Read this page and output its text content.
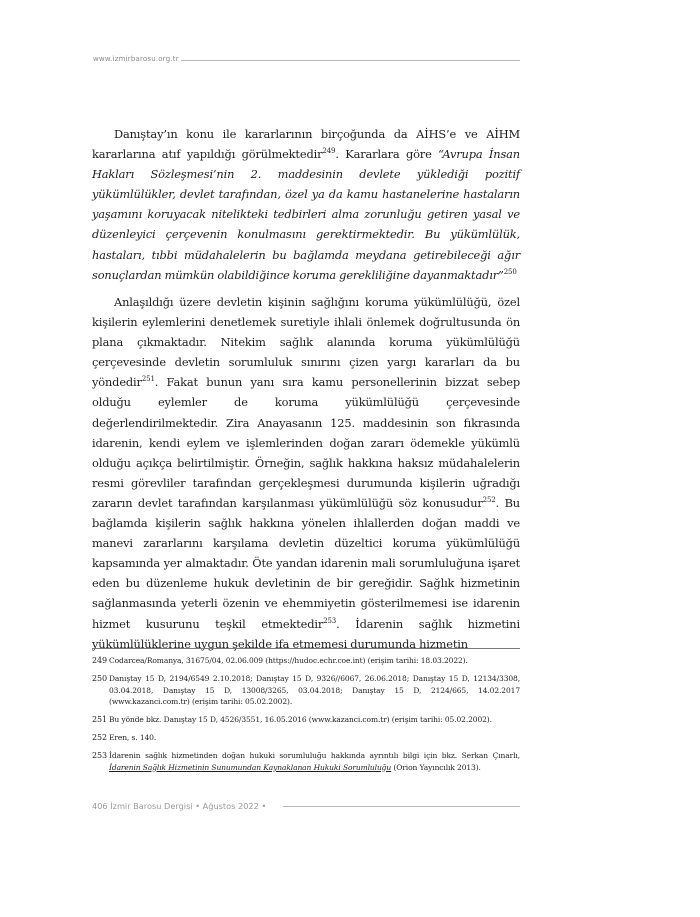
www.izmirbarosu.org.tr

Danıştay’ın konu ile kararlarının birçoğunda da AİHS’e ve AİHM kararlarına atıf yapıldığı görülmektedir$^{249}$. Kararlara göre “Avrupa İnsan Hakları Sözleşmesi’nin 2. maddesinin devlete yüklediği pozitif yükümlülükler, devlet tarafından, özel ya da kamu hastanelerine hastaların yaşamını koruyacak nitelikteki tedbirleri alma zorunluğu getiren yasal ve düzenleyici çerçevenin konulmasını gerektirmektedir. Bu yükümlülük, hastaları, tıbbi müdahalelerin bu bağlamda meydana getirebileceği ağır sonuçlardan mümkün olabildiğince koruma gerekliliğine dayanmaktadır”$^{250}$

Anlaşıldığı üzere devletin kişinin sağlığını koruma yükümlülüğü, özel kişilerin eylemlerini denetlemek suretiyle ihlali önlemek doğrultusunda ön plana çıkmaktadır. Nitekim sağlık alanında koruma yükümlülüğü çerçevesinde devletin sorumluluk sınırını çizen yargı kararları da bu yöndedir$^{251}$. Fakat bunun yanı sıra kamu personellerinin bizzat sebep olduğu eylemler de koruma yükümlülüğü çerçevesinde değerlendirilmektedir. Zira Anayasanın 125. maddesinin son fıkrasında idarenin, kendi eylem ve işlemlerinden doğan zararı ödemekle yükümlü olduğu açıkça belirtilmiştir. Örneğin, sağlık hakkına haksız müdahalelerin resmi görevliler tarafından gerçekleşmesi durumunda kişilerin uğradığı zararın devlet tarafından karşılanması yükümlülüğü söz konusudur$^{252}$. Bu bağlamda kişilerin sağlık hakkına yönelen ihlallerden doğan maddi ve manevi zararlarını karşılama devletin düzeltici koruma yükümlülüğü kapsamında yer almaktadır. Öte yandan idarenin mali sorumluluğuna işaret eden bu düzenleme hukuk devletinin de bir gereğidir. Sağlık hizmetinin sağlanmasında yeterli özenin ve ehemmiyetin gösterilmemesi ise idarenin hizmet kusurunu teşkil etmektedir$^{253}$. İdarenin sağlık hizmetini yükümlülüklerine uygun şekilde ifa etmemesi durumunda hizmetin

249 Codarcea/Romanya, 31675/04, 02.06.009 (https://hudoc.echr.coe.int) (erişim tarihi: 18.03.2022).
250 Danıştay 15 D, 2194/6549 2.10.2018; Danıştay 15 D, 9326//6067, 26.06.2018; Danıştay 15 D, 12134/3308, 03.04.2018, Danıştay 15 D, 13008/3265, 03.04.2018; Danıştay 15 D, 2124/665, 14.02.2017 (www.kazanci.com.tr) (erişim tarihi: 05.02.2002).
251 Bu yönde bkz. Danıştay 15 D, 4526/3551, 16.05.2016 (www.kazanci.com.tr) (erişim tarihi: 05.02.2002).
252 Eren, s. 140.
253 İdarenin sağlık hizmetinden doğan hukuki sorumluluğu hakkında ayrıntılı bilgi için bkz. Serkan Çınarlı, İdarenin Sağlık Hizmetinin Sunumundan Kaynaklanan Hukuki Sorumluluğu (Orion Yayıncılık 2013).
406 İzmir Barosu Dergisi • Ağustos 2022 •
